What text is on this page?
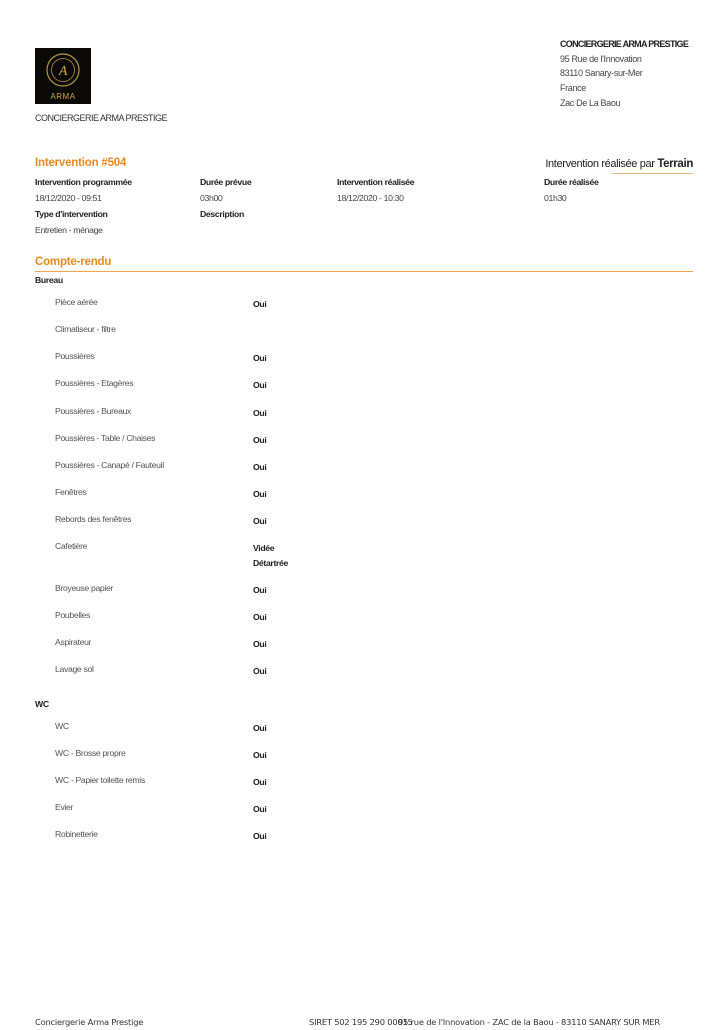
A
ARMA
CONCIERGERIE ARMA PRESTIGE
CONCIERGERIE ARMA PRESTIGE
95 Rue de l'Innovation
83110 Sanary-sur-Mer
France
Zac De La Baou
Intervention #504	Intervention réalisée par Terrain
Intervention programmée
18/12/2020 - 09:51
Durée prévue
03h00
Intervention réalisée
18/12/2020 - 10:30
Durée réalisée
01h30
Type d'intervention
Entretien - ménage
Description
Compte-rendu
Bureau
Pièce aérée	Oui
Climatiseur - filtre
Poussières	Oui
Poussières - Etagères	Oui
Poussières - Bureaux	Oui
Poussières - Table / Chaises	Oui
Poussières - Canapé / Fauteuil	Oui
Fenêtres	Oui
Rebords des fenêtres	Oui
Cafetière	Vidée
Détartrée
Broyeuse papier	Oui
Poubelles	Oui
Aspirateur	Oui
Lavage sol	Oui
WC
WC	Oui
WC - Brosse propre	Oui
WC - Papier toilette remis	Oui
Evier	Oui
Robinetterie	Oui
Conciergerie Arma Prestige	SIRET 502 195 290 00015
95 rue de l'Innovation - ZAC de la Baou - 83110 SANARY SUR MER
